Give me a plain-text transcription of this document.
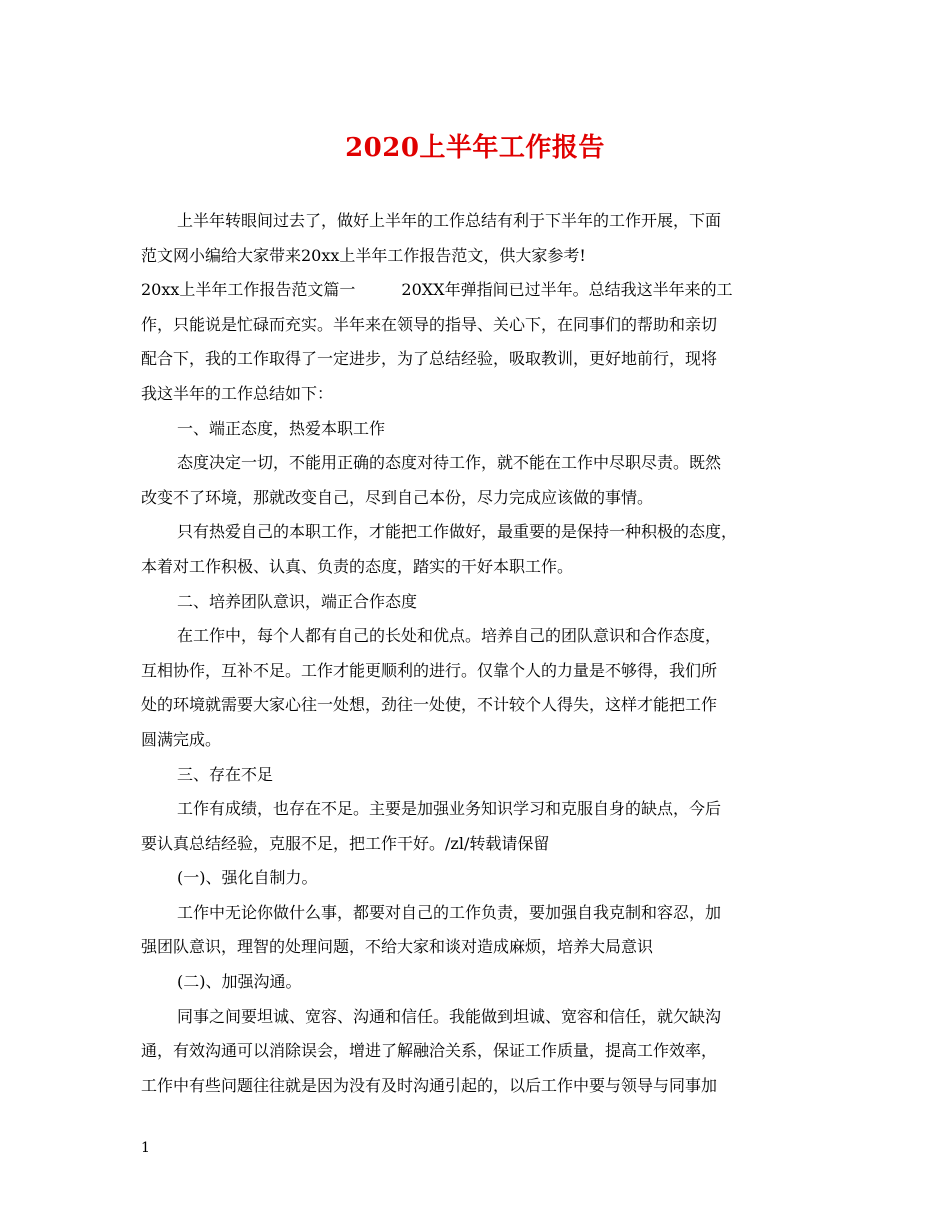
2020上半年工作报告

上半年转眼间过去了，做好上半年的工作总结有利于下半年的工作开展，下面

范文网小编给大家带来20xx上半年工作报告范文，供大家参考!

20xx上半年工作报告范文篇一	20XX年弹指间已过半年。总结我这半年来的工

作，只能说是忙碌而充实。半年来在领导的指导、关心下，在同事们的帮助和亲切

配合下，我的工作取得了一定进步，为了总结经验，吸取教训，更好地前行，现将

我这半年的工作总结如下：

一、端正态度，热爱本职工作

态度决定一切，不能用正确的态度对待工作，就不能在工作中尽职尽责。既然

改变不了环境，那就改变自己，尽到自己本份，尽力完成应该做的事情。

只有热爱自己的本职工作，才能把工作做好，最重要的是保持一种积极的态度，

本着对工作积极、认真、负责的态度，踏实的干好本职工作。

二、培养团队意识，端正合作态度

在工作中，每个人都有自己的长处和优点。培养自己的团队意识和合作态度，

互相协作，互补不足。工作才能更顺利的进行。仅靠个人的力量是不够得，我们所

处的环境就需要大家心往一处想，劲往一处使，不计较个人得失，这样才能把工作

圆满完成。

三、存在不足

工作有成绩，也存在不足。主要是加强业务知识学习和克服自身的缺点，今后

要认真总结经验，克服不足，把工作干好。/zl/转载请保留

(一)、强化自制力。

工作中无论你做什么事，都要对自己的工作负责，要加强自我克制和容忍，加

强团队意识，理智的处理问题，不给大家和谈对造成麻烦，培养大局意识

(二)、加强沟通。

同事之间要坦诚、宽容、沟通和信任。我能做到坦诚、宽容和信任，就欠缺沟

通，有效沟通可以消除误会，增进了解融洽关系，保证工作质量，提高工作效率，

工作中有些问题往往就是因为没有及时沟通引起的，以后工作中要与领导与同事加

1
